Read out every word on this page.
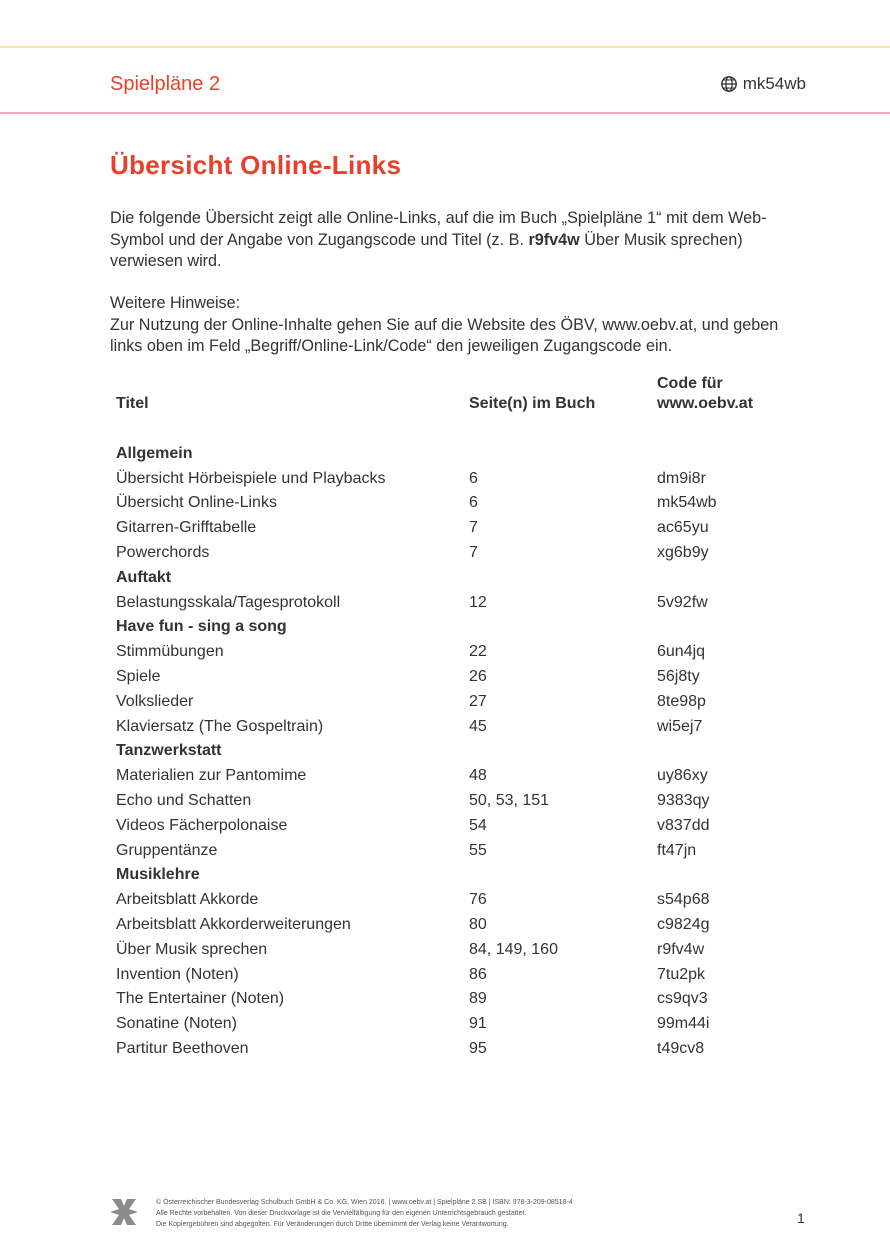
Spielpläne 2	mk54wb
Übersicht Online-Links

Die folgende Übersicht zeigt alle Online-Links, auf die im Buch „Spielpläne 1“ mit dem Web-Symbol und der Angabe von Zugangscode und Titel (z. B. r9fv4w Über Musik sprechen) verwiesen wird.

Weitere Hinweise:
Zur Nutzung der Online-Inhalte gehen Sie auf die Website des ÖBV, www.oebv.at, und geben links oben im Feld „Begriff/Online-Link/Code“ den jeweiligen Zugangscode ein.
Titel	Seite(n) im Buch	Code für
www.oebv.at

Allgemein		
Übersicht Hörbeispiele und Playbacks	6	dm9i8r
Übersicht Online-Links	6	mk54wb
Gitarren-Grifftabelle	7	ac65yu
Powerchords	7	xg6b9y
Auftakt		
Belastungsskala/Tagesprotokoll	12	5v92fw
Have fun - sing a song		
Stimmübungen	22	6un4jq
Spiele	26	56j8ty
Volkslieder	27	8te98p
Klaviersatz (The Gospeltrain)	45	wi5ej7
Tanzwerkstatt		
Materialien zur Pantomime	48	uy86xy
Echo und Schatten	50, 53, 151	9383qy
Videos Fächerpolonaise	54	v837dd
Gruppentänze	55	ft47jn
Musiklehre		
Arbeitsblatt Akkorde	76	s54p68
Arbeitsblatt Akkorderweiterungen	80	c9824g
Über Musik sprechen	84, 149, 160	r9fv4w
Invention (Noten)	86	7tu2pk
The Entertainer (Noten)	89	cs9qv3
Sonatine (Noten)	91	99m44i
Partitur Beethoven	95	t49cv8
© Österreichischer Bundesverlag Schulbuch GmbH & Co. KG, Wien 2016. | www.oebv.at | Spielpläne 2 SB | ISBN: 978-3-209-08518-4
Alle Rechte vorbehalten. Von dieser Druckvorlage ist die Vervielfältigung für den eigenen Unterrichtsgebrauch gestattet.
Die Kopiergebühren sind abgegolten. Für Veränderungen durch Dritte übernimmt der Verlag keine Verantwortung.	1
